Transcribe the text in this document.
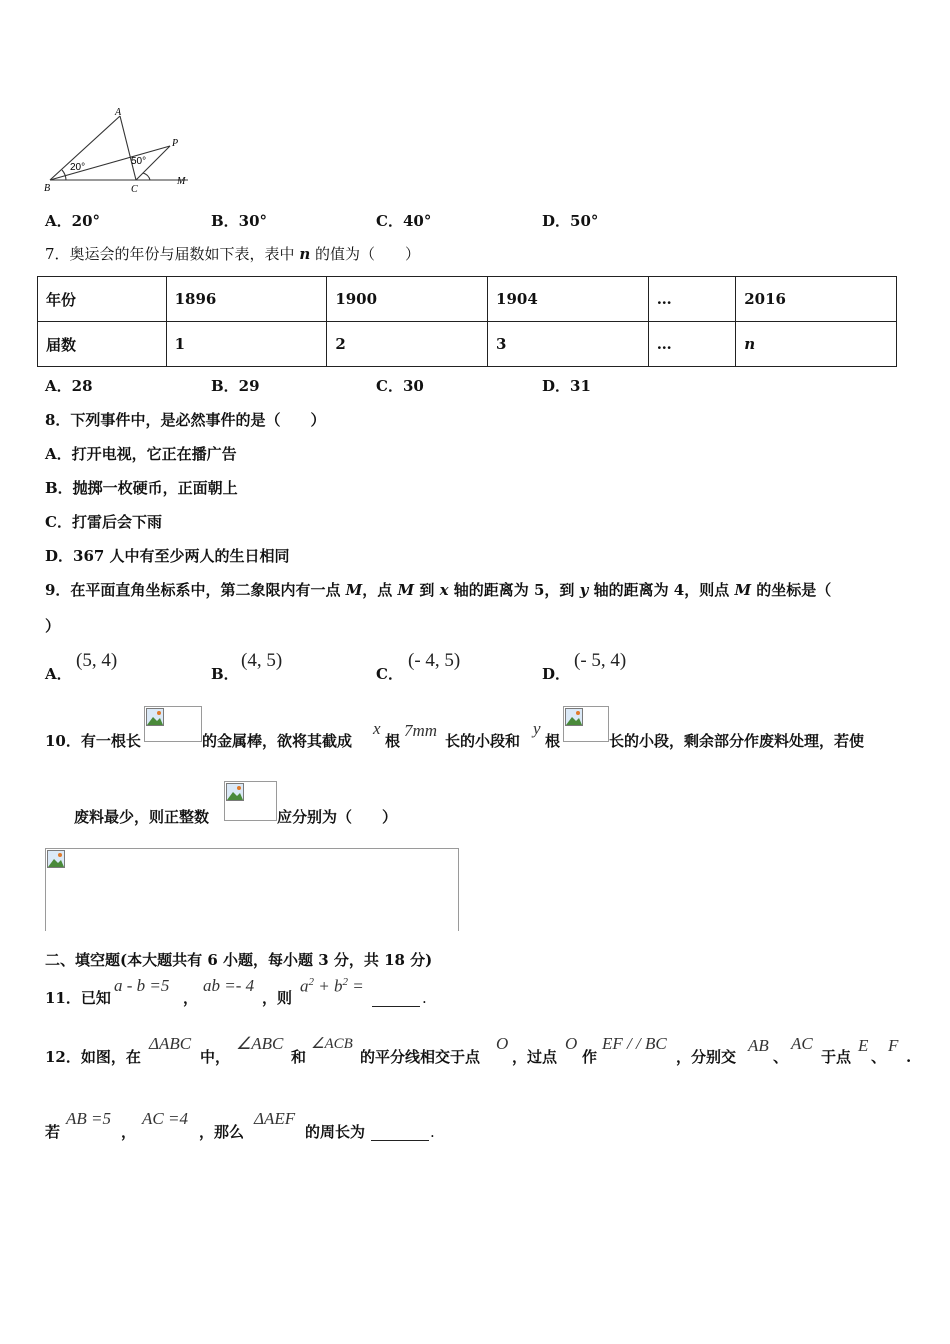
A
B	C
P
M
20°
50°
A．20°	B．30°	C．40°	D．50°
7．奥运会的年份与届数如下表，表中 n 的值为（　　）
年份	1896	1900	1904	…	2016
届数	1	2	3	…	n
A．28	B．29	C．30	D．31
8．下列事件中，是必然事件的是（　　）
A．打开电视，它正在播广告
B．抛掷一枚硬币，正面朝上
C．打雷后会下雨
D．367 人中有至少两人的生日相同
9．在平面直角坐标系中，第二象限内有一点 M，点 M 到 x 轴的距离为 5，到 y 轴的距离为 4，则点 M 的坐标是（
）
A．
(5, 4)
B．
(4, 5)
C．
(- 4, 5)
D．
(- 5, 4)
10．有一根长	的金属棒，欲将其截成
x
根
7mm
长的小段和
y
根	长的小段，剩余部分作废料处理，若使
废料最少，则正整数	应分别为（　　）
二、填空题(本大题共有 6 小题，每小题 3 分，共 18 分)
11．已知
a - b =5
，
ab =- 4
，则
$a^2 + b^2$ =
.
12．如图，在
ΔABC
中，
∠ABC
和
∠ACB
的平分线相交于点
O
，过点
O
作
EF / / BC
，分别交
AB
、
AC
于点
E
、
F
.
若
AB =5
，
AC =4
，那么
ΔAEF
的周长为	.
